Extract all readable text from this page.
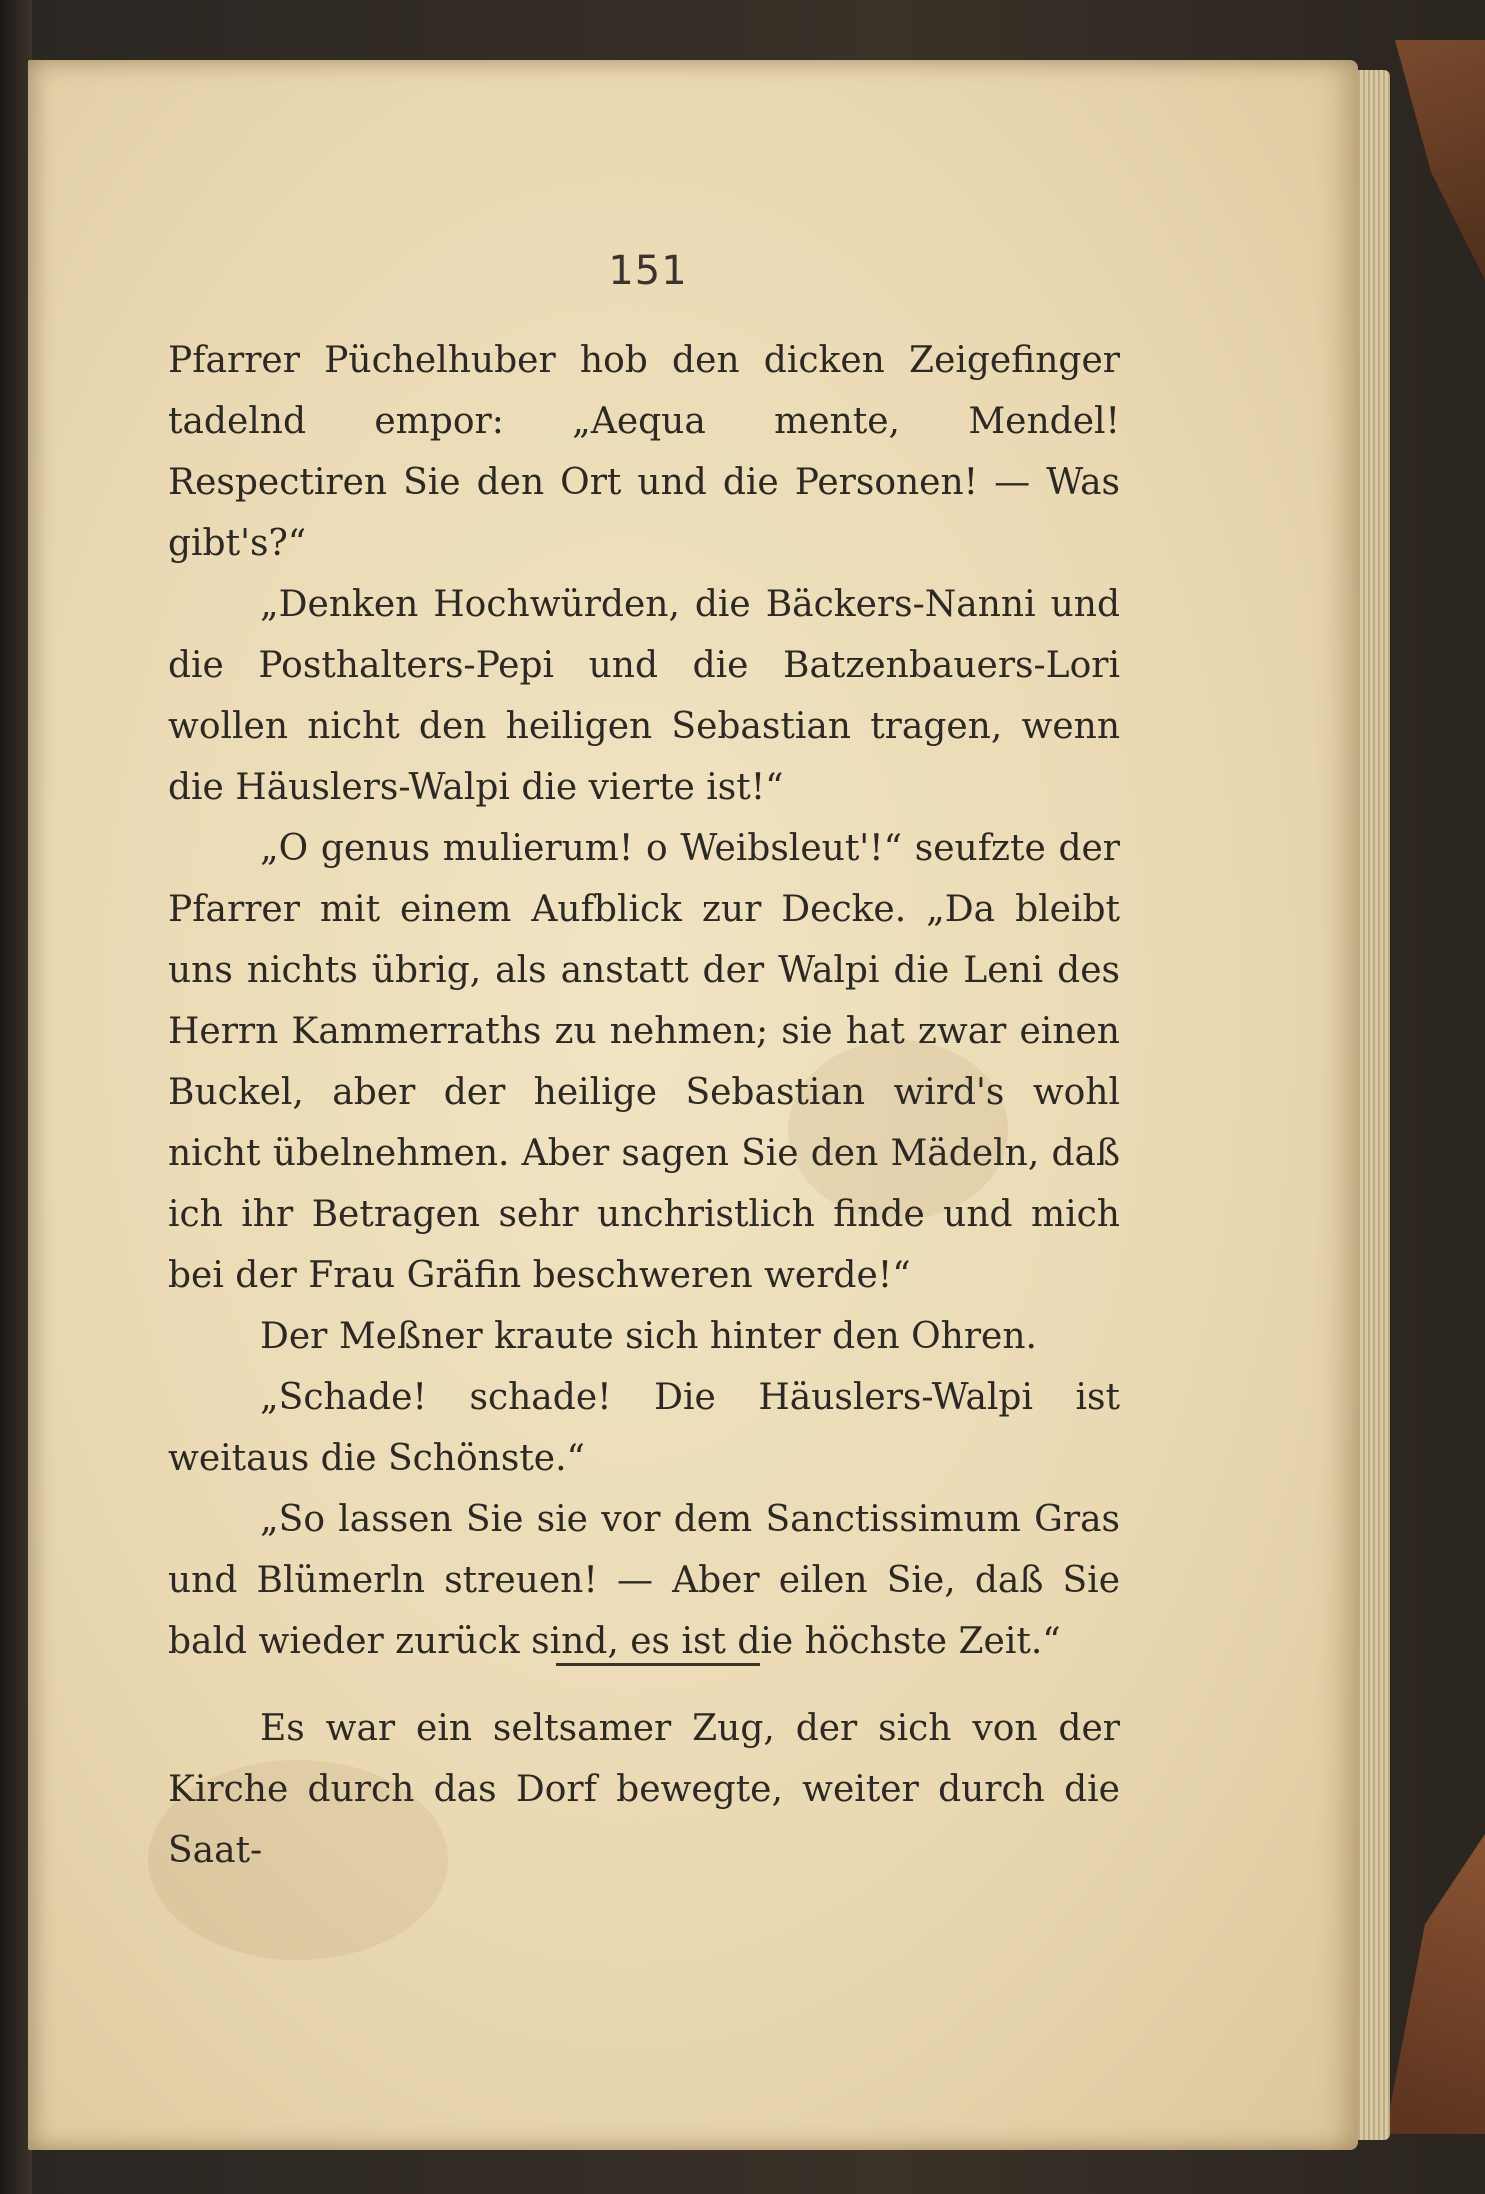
151

Pfarrer Püchelhuber hob den dicken Zeigefinger tadelnd empor: „Aequa mente, Mendel! Respectiren Sie den Ort und die Personen! — Was gibt's?“

„Denken Hochwürden, die Bäckers-Nanni und die Posthalters-Pepi und die Batzenbauers-Lori wollen nicht den heiligen Sebastian tragen, wenn die Häuslers-Walpi die vierte ist!“

„O genus mulierum! o Weibsleut'!“ seufzte der Pfarrer mit einem Aufblick zur Decke. „Da bleibt uns nichts übrig, als anstatt der Walpi die Leni des Herrn Kammerraths zu nehmen; sie hat zwar einen Buckel, aber der heilige Sebastian wird's wohl nicht übelnehmen. Aber sagen Sie den Mädeln, daß ich ihr Betragen sehr unchristlich finde und mich bei der Frau Gräfin beschweren werde!“

Der Meßner kraute sich hinter den Ohren.

„Schade! schade! Die Häuslers-Walpi ist weitaus die Schönste.“

„So lassen Sie sie vor dem Sanctissimum Gras und Blümerln streuen! — Aber eilen Sie, daß Sie bald wieder zurück sind, es ist die höchste Zeit.“

Es war ein seltsamer Zug, der sich von der Kirche durch das Dorf bewegte, weiter durch die Saat-
